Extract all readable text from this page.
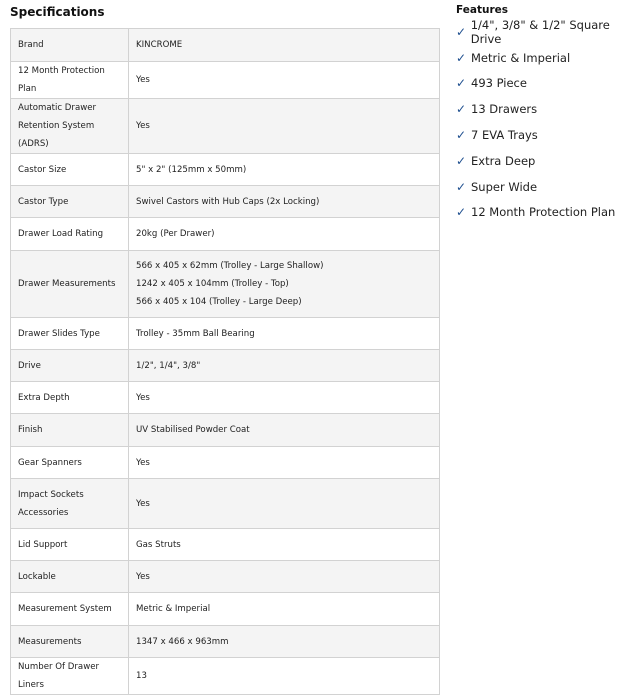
Specifications
Brand	KINCROME

12 Month Protection Plan	Yes

Automatic Drawer Retention System (ADRS)	Yes

Castor Size	5" x 2" (125mm x 50mm)

Castor Type	Swivel Castors with Hub Caps (2x Locking)

Drawer Load Rating	20kg (Per Drawer)

Drawer Measurements	566 x 405 x 62mm (Trolley - Large Shallow)
1242 x 405 x 104mm (Trolley - Top)
566 x 405 x 104 (Trolley - Large Deep)

Drawer Slides Type	Trolley - 35mm Ball Bearing

Drive	1/2", 1/4", 3/8"

Extra Depth	Yes

Finish	UV Stabilised Powder Coat

Gear Spanners	Yes

Impact Sockets Accessories	Yes

Lid Support	Gas Struts

Lockable	Yes

Measurement System	Metric & Imperial

Measurements	1347 x 466 x 963mm

Number Of Drawer Liners	13
Features
✓ 1/4", 3/8" & 1/2" Square Drive
✓ Metric & Imperial
✓ 493 Piece
✓ 13 Drawers
✓ 7 EVA Trays
✓ Extra Deep
✓ Super Wide
✓ 12 Month Protection Plan
